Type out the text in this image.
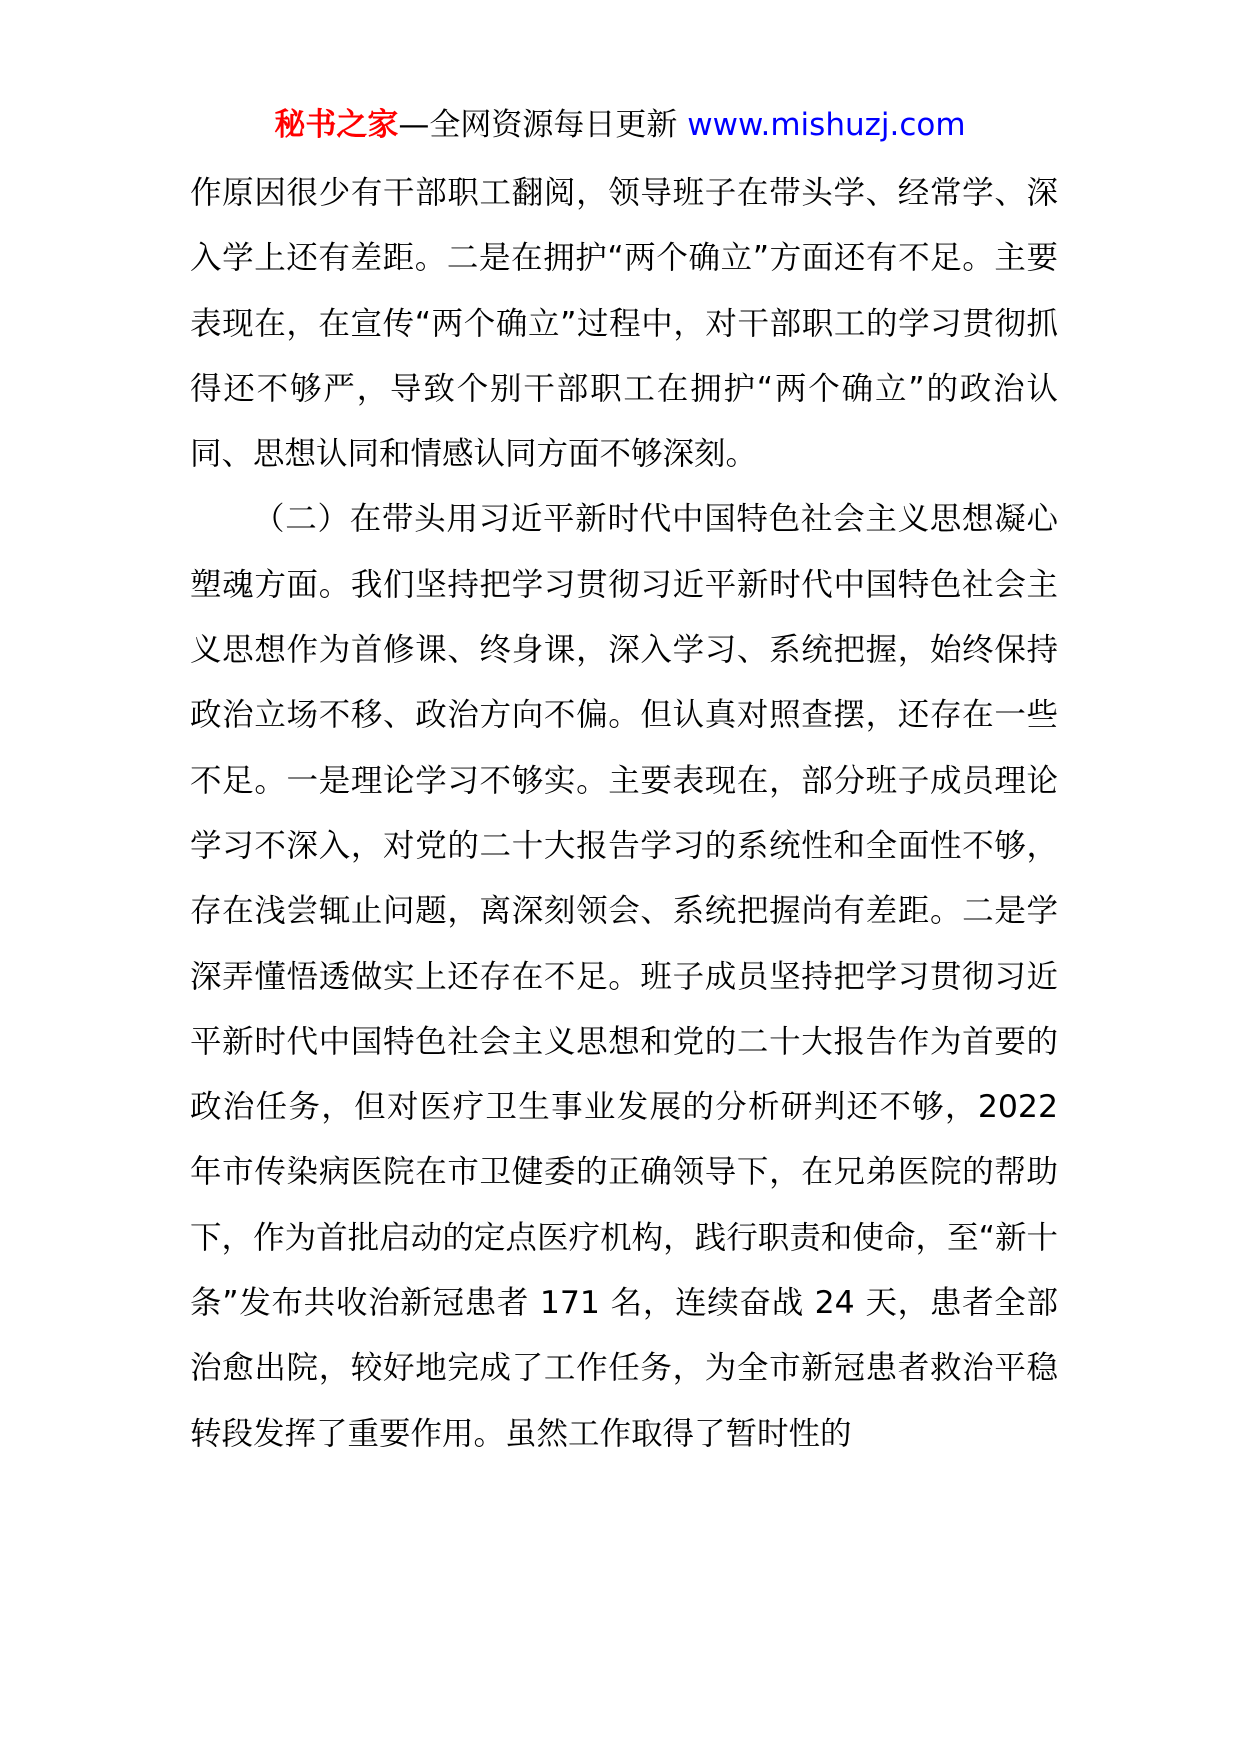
秘书之家—全网资源每日更新 www.mishuzj.com

作原因很少有干部职工翻阅，领导班子在带头学、经常学、深入学上还有差距。二是在拥护“两个确立”方面还有不足。主要表现在，在宣传“两个确立”过程中，对干部职工的学习贯彻抓得还不够严，导致个别干部职工在拥护“两个确立”的政治认同、思想认同和情感认同方面不够深刻。

（二）在带头用习近平新时代中国特色社会主义思想凝心塑魂方面。我们坚持把学习贯彻习近平新时代中国特色社会主义思想作为首修课、终身课，深入学习、系统把握，始终保持政治立场不移、政治方向不偏。但认真对照查摆，还存在一些不足。一是理论学习不够实。主要表现在，部分班子成员理论学习不深入，对党的二十大报告学习的系统性和全面性不够，存在浅尝辄止问题，离深刻领会、系统把握尚有差距。二是学深弄懂悟透做实上还存在不足。班子成员坚持把学习贯彻习近平新时代中国特色社会主义思想和党的二十大报告作为首要的政治任务，但对医疗卫生事业发展的分析研判还不够，2022 年市传染病医院在市卫健委的正确领导下，在兄弟医院的帮助下，作为首批启动的定点医疗机构，践行职责和使命，至“新十条”发布共收治新冠患者 171 名，连续奋战 24 天，患者全部治愈出院，较好地完成了工作任务，为全市新冠患者救治平稳转段发挥了重要作用。虽然工作取得了暂时性的
